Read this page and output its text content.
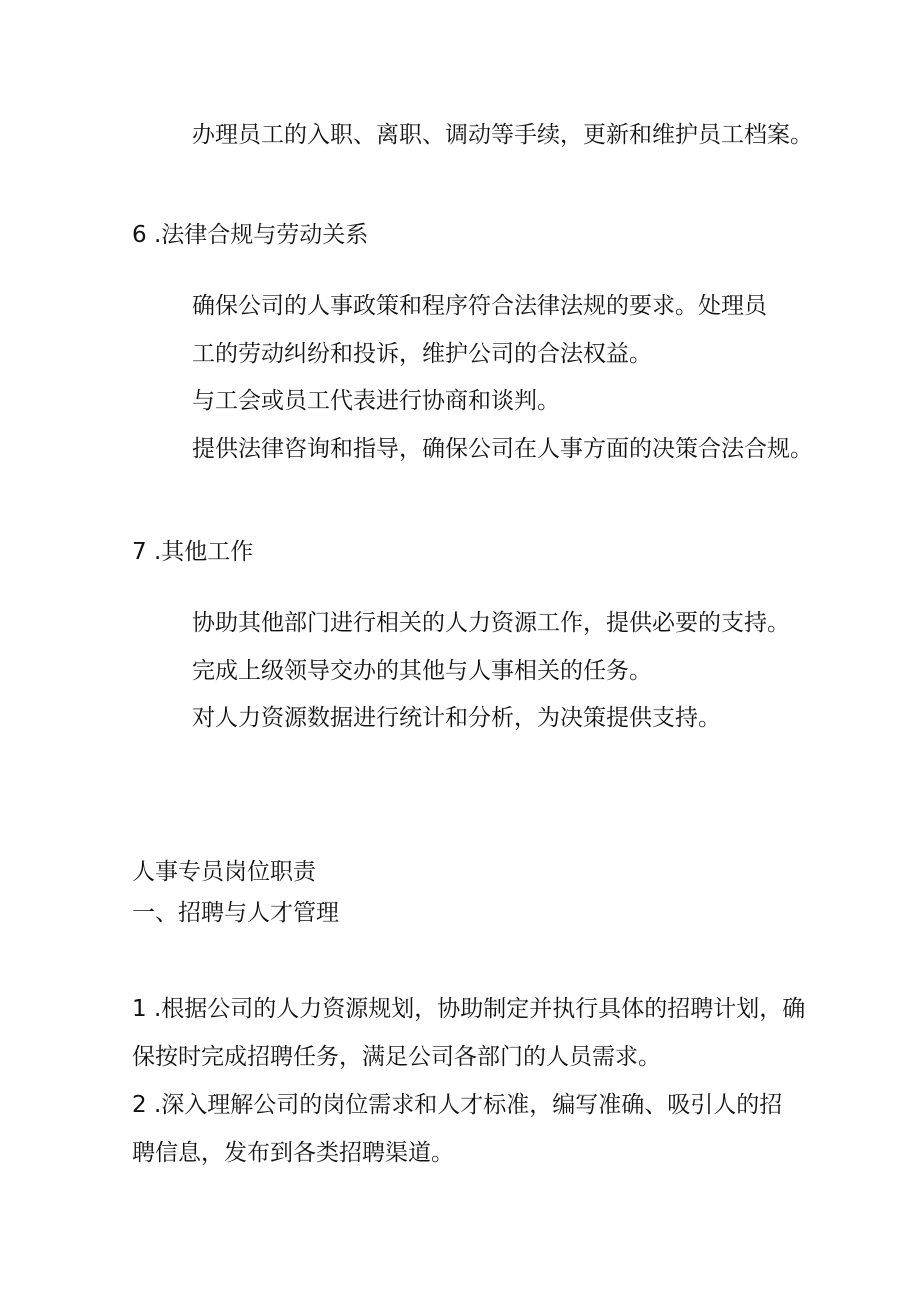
办理员工的入职、离职、调动等手续，更新和维护员工档案。
6 .法律合规与劳动关系
确保公司的人事政策和程序符合法律法规的要求。处理员
工的劳动纠纷和投诉，维护公司的合法权益。
与工会或员工代表进行协商和谈判。
提供法律咨询和指导，确保公司在人事方面的决策合法合规。
7 .其他工作
协助其他部门进行相关的人力资源工作，提供必要的支持。
完成上级领导交办的其他与人事相关的任务。
对人力资源数据进行统计和分析，为决策提供支持。
人事专员岗位职责
一、招聘与人才管理
1 .根据公司的人力资源规划，协助制定并执行具体的招聘计划，确
保按时完成招聘任务，满足公司各部门的人员需求。
2 .深入理解公司的岗位需求和人才标准，编写准确、吸引人的招
聘信息，发布到各类招聘渠道。
